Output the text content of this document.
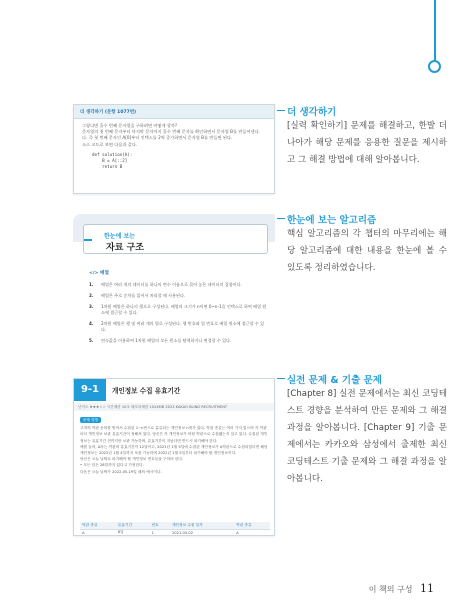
더 생각하기 (문항 1077번)

그렇다면 홀수 번째 문자열을 구하려면 어떻게 할까?

문자열의 첫 번째 문자부터 마지막 문자까지 홀수 번째 문자를 확인하면서 문자열 B를 만들어낸다.

다. 즉 첫 번째 문자인 A[0]부터 인덱스를 2씩 증가하면서 문자열 B를 만들면 된다.

소스 코드로 보면 다음과 같다.

def solution(A):
B = A[::2]
return B
한눈에 보는
자료 구조
</> 배열
1.	배열은 여러 개의 데이터를 하나의 변수 이름으로 묶어 놓은 데이터의 집합이다.
2.	배열은 주로 순차를 읽어서 처리할 때 사용된다.
3.	1차원 배열은 하나의 행으로 구성된다. 배열의 크기가 n이면 0~n-1을 인덱스로 하여 배열 원소에 접근할 수 있다.
4.	2차원 배열은 행 및 여러 개의 열로 구성된다. 행 번호와 열 번호로 배열 원소에 접근할 수 있다.
5.	연속값을 이용하여 1차원 배열의 모든 원소를 탐색하거나 변경할 수 있다.
9-1	개인정보 수집 유효기간
난이도 ★★★☆☆ 시간제한 10초 메모리제한 1024MB 2023 KAKAO BLIND RECRUITMENT
문제 설명

고객의 약관 동의를 얻어서 수집된 1~n번으로 분류되는 개인정보 n개가 있다. 약관 종류는 여러 가지 있으며 각 약관마다 개인정보 보관 유효기간이 정해져 있다. 당신은 각 개인정보가 어떤 약관으로 수집됐는지 알고 있다. 수집된 개인정보는 유효기간 전까지만 보관 가능하며, 유효기간이 지났다면 반드시 파기해야 한다.

예를 들어, A라는 약관의 유효기간이 12달이고, 2021년 1월 5일에 수집된 개인정보가 A약관으로 수집되었다면 해당 개인정보는 2022년 1월 4일까지 보관 가능하며 2022년 1월 5일부터 파기해야 할 개인정보이다.

당신은 오늘 날짜로 파기해야 할 개인정보 번호들을 구하려 한다.

• 모든 달은 28일까지 있다고 가정한다.

다음은 오늘 날짜가 2022.05.19일 때의 예시이다.

약관 종류	유효기간	번호	개인정보 수집 일자	약관 종류
A	6달	1	2021.05.02	A
더 생각하기
[실력 확인하기] 문제를 해결하고, 한발 더 나아가 해당 문제를 응용한 질문을 제시하고 그 해결 방법에 대해 알아봅니다.
한눈에 보는 알고리즘
핵심 알고리즘의 각 챕터의 마무리에는 해당 알고리즘에 대한 내용을 한눈에 볼 수 있도록 정리하였습니다.
실전 문제 & 기출 문제
[Chapter 8] 실전 문제에서는 최신 코딩테스트 경향을 분석하여 만든 문제와 그 해결 과정을 알아봅니다. [Chapter 9] 기출 문제에서는 카카오와 삼성에서 출제한 최신 코딩테스트 기출 문제와 그 해결 과정을 알아봅니다.
이 책의 구성 11
